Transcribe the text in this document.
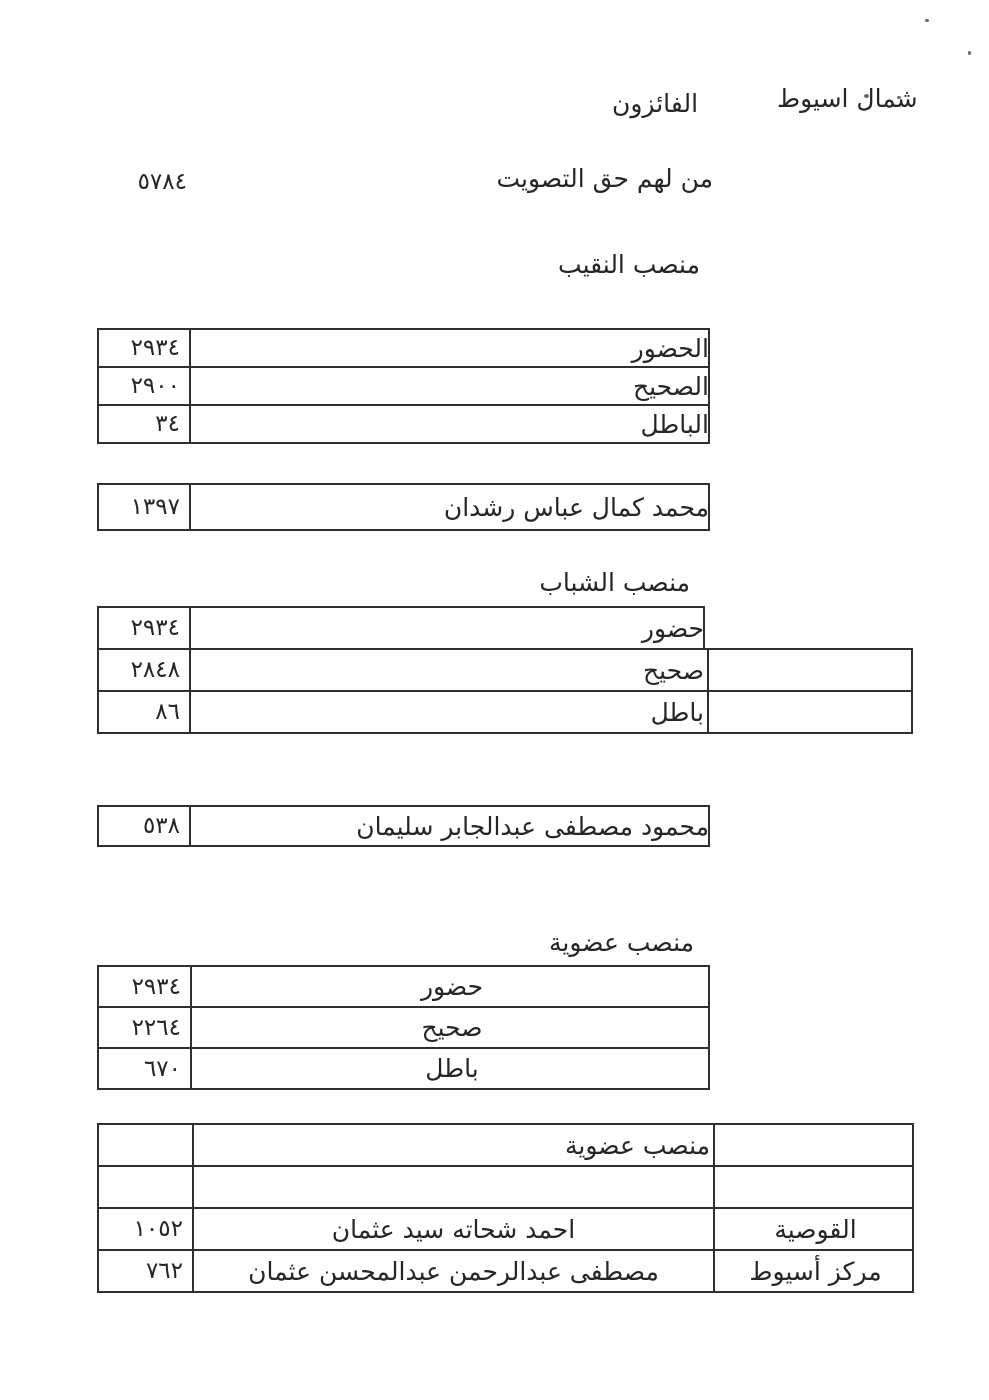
شمال اسيوط
الفائزون
من لهم حق التصويت
٥٧٨٤
منصب النقيب
٢٩٣٤	الحضور
٢٩٠٠	الصحيح
٣٤	الباطل
١٣٩٧	محمد كمال عباس رشدان
منصب الشباب
٢٩٣٤	حضور
٢٨٤٨	صحيح
٨٦	باطل
٥٣٨	محمود مصطفى عبدالجابر سليمان
منصب عضوية
٢٩٣٤	حضور
٢٢٦٤	صحيح
٦٧٠	باطل
منصب عضوية
١٠٥٢	احمد شحاته سيد عثمان	القوصية
٧٦٢	مصطفى عبدالرحمن عبدالمحسن عثمان	مركز أسيوط
